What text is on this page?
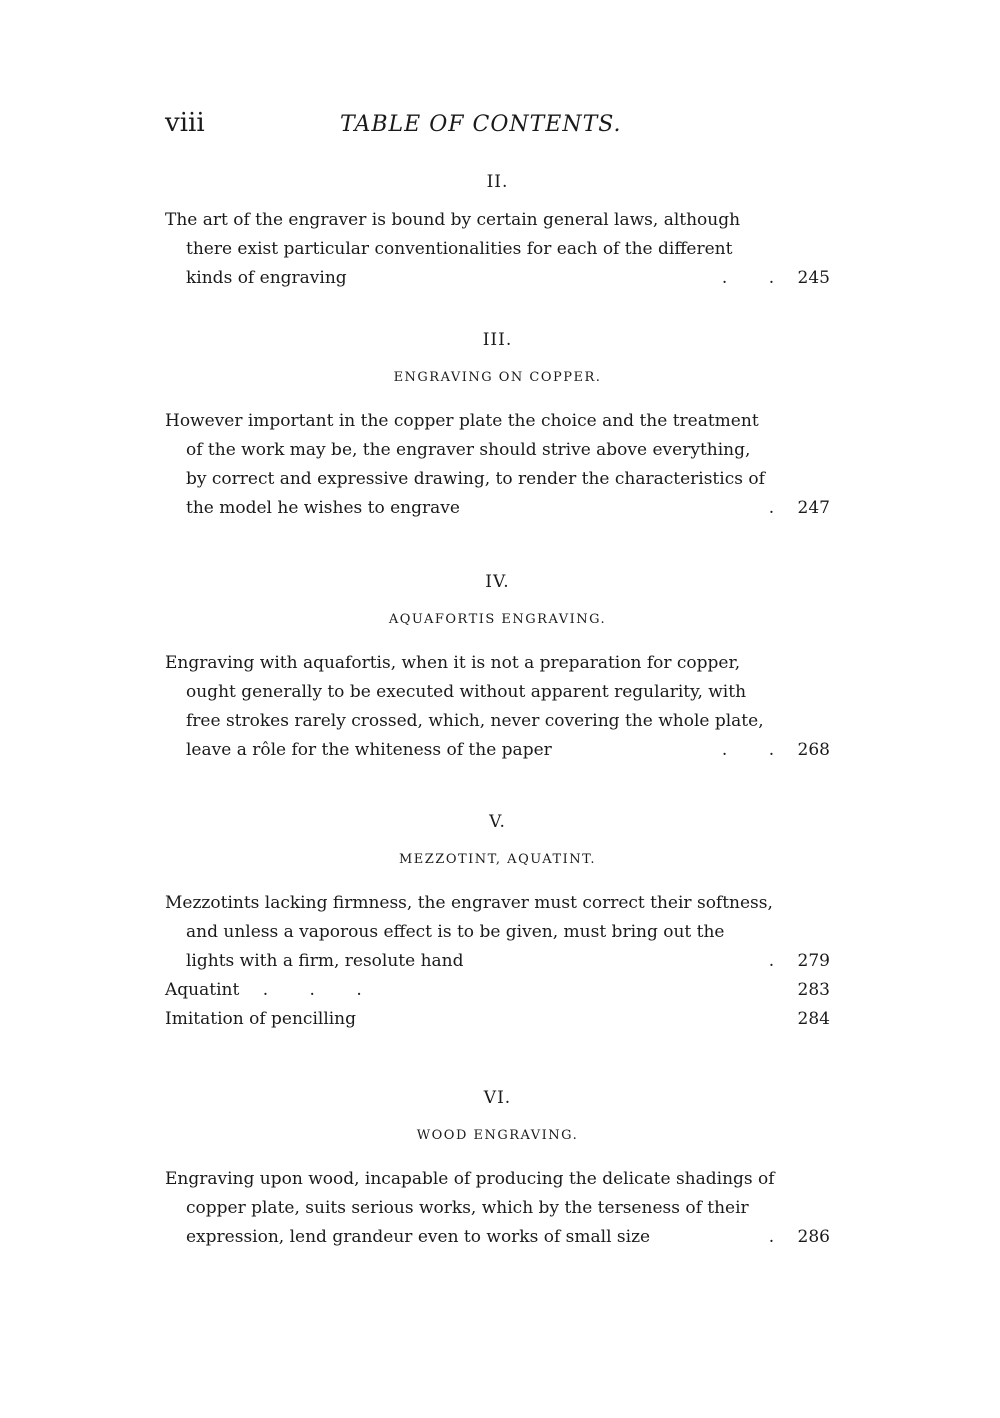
viii	TABLE OF CONTENTS.
II.
The art of the engraver is bound by certain general laws, although there exist particular conventionalities for each of the different kinds of engraving	. . 245
III.
ENGRAVING ON COPPER.
However important in the copper plate the choice and the treatment of the work may be, the engraver should strive above everything, by correct and expressive drawing, to render the characteristics of the model he wishes to engrave	. 247
IV.
AQUAFORTIS ENGRAVING.
Engraving with aquafortis, when it is not a preparation for copper, ought generally to be executed without apparent regularity, with free strokes rarely crossed, which, never covering the whole plate, leave a rôle for the whiteness of the paper	. . 268
V.
MEZZOTINT, AQUATINT.
Mezzotints lacking firmness, the engraver must correct their softness, and unless a vaporous effect is to be given, must bring out the lights with a firm, resolute hand	. 279
Aquatint . . .	283
Imitation of pencilling	284
VI.
WOOD ENGRAVING.
Engraving upon wood, incapable of producing the delicate shadings of copper plate, suits serious works, which by the terseness of their expression, lend grandeur even to works of small size	. 286
